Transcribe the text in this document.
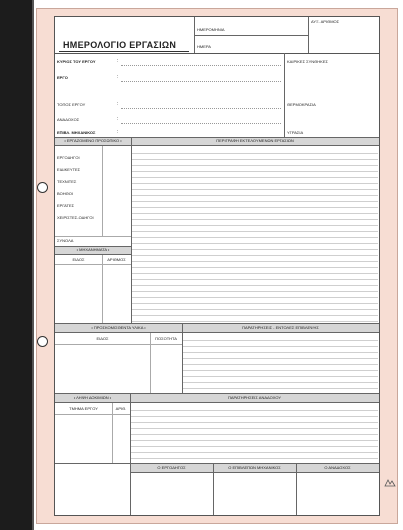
ΗΜΕΡΟΛΟΓΙΟ ΕΡΓΑΣΙΩΝ
ΗΜΕΡΟΜΗΝΙΑ
ΗΜΕΡΑ
ΑΥΞ. ΑΡΙΘΜΟΣ
ΚΥΡΙΟΣ ΤΟΥ ΕΡΓΟΥ	:
ΕΡΓΟ	:
ΤΟΠΟΣ ΕΡΓΟΥ	:
ΑΝΑΔΟΧΟΣ	:
ΕΠΙΒΛ. ΜΗΧΑΝΙΚΟΣ	:
ΚΑΙΡΙΚΕΣ ΣΥΝΘΗΚΕΣ
ΘΕΡΜΟΚΡΑΣΙΑ
ΥΓΡΑΣΙΑ
• ΕΡΓΑΖΟΜΕΝΟ ΠΡΟΣΩΠΙΚΟ •	ΠΕΡΙΓΡΑΦΗ ΕΚΤΕΛΟΥΜΕΝΩΝ ΕΡΓΑΣΙΩΝ
ΕΡΓΟΔΗΓΟΙ
ΕΙΔΙΚΕΥΤΕΣ
ΤΕΧΝΙΤΕΣ
ΒΟΗΘΟΙ
ΕΡΓΑΤΕΣ
ΧΕΙΡΙΣΤΕΣ-ΟΔΗΓΟΙ
ΣΥΝΟΛΑ
• ΜΗΧΑΝΗΜΑΤΑ •
ΕΙΔΟΣ	ΑΡΙΘΜΟΣ
• ΠΡΟΣΚΟΜΙΣΘΕΝΤΑ ΥΛΙΚΑ •	ΠΑΡΑΤΗΡΗΣΕΙΣ - ΕΝΤΟΛΕΣ ΕΠΙΒΛΕΨΗΣ
ΕΙΔΟΣ	ΠΟΣΟΤΗΤΑ
• ΛΗΨΗ ΔΟΚΙΜΙΩΝ •	ΠΑΡΑΤΗΡΗΣΕΙΣ ΑΝΑΔΟΧΟΥ
ΤΜΗΜΑ ΕΡΓΟΥ	ΑΡΙΘ.
Ο ΕΡΓΟΔΗΓΟΣ	Ο ΕΠΙΒΛΕΠΩΝ ΜΗΧΑΝΙΚΟΣ	Ο ΑΝΑΔΟΧΟΣ
